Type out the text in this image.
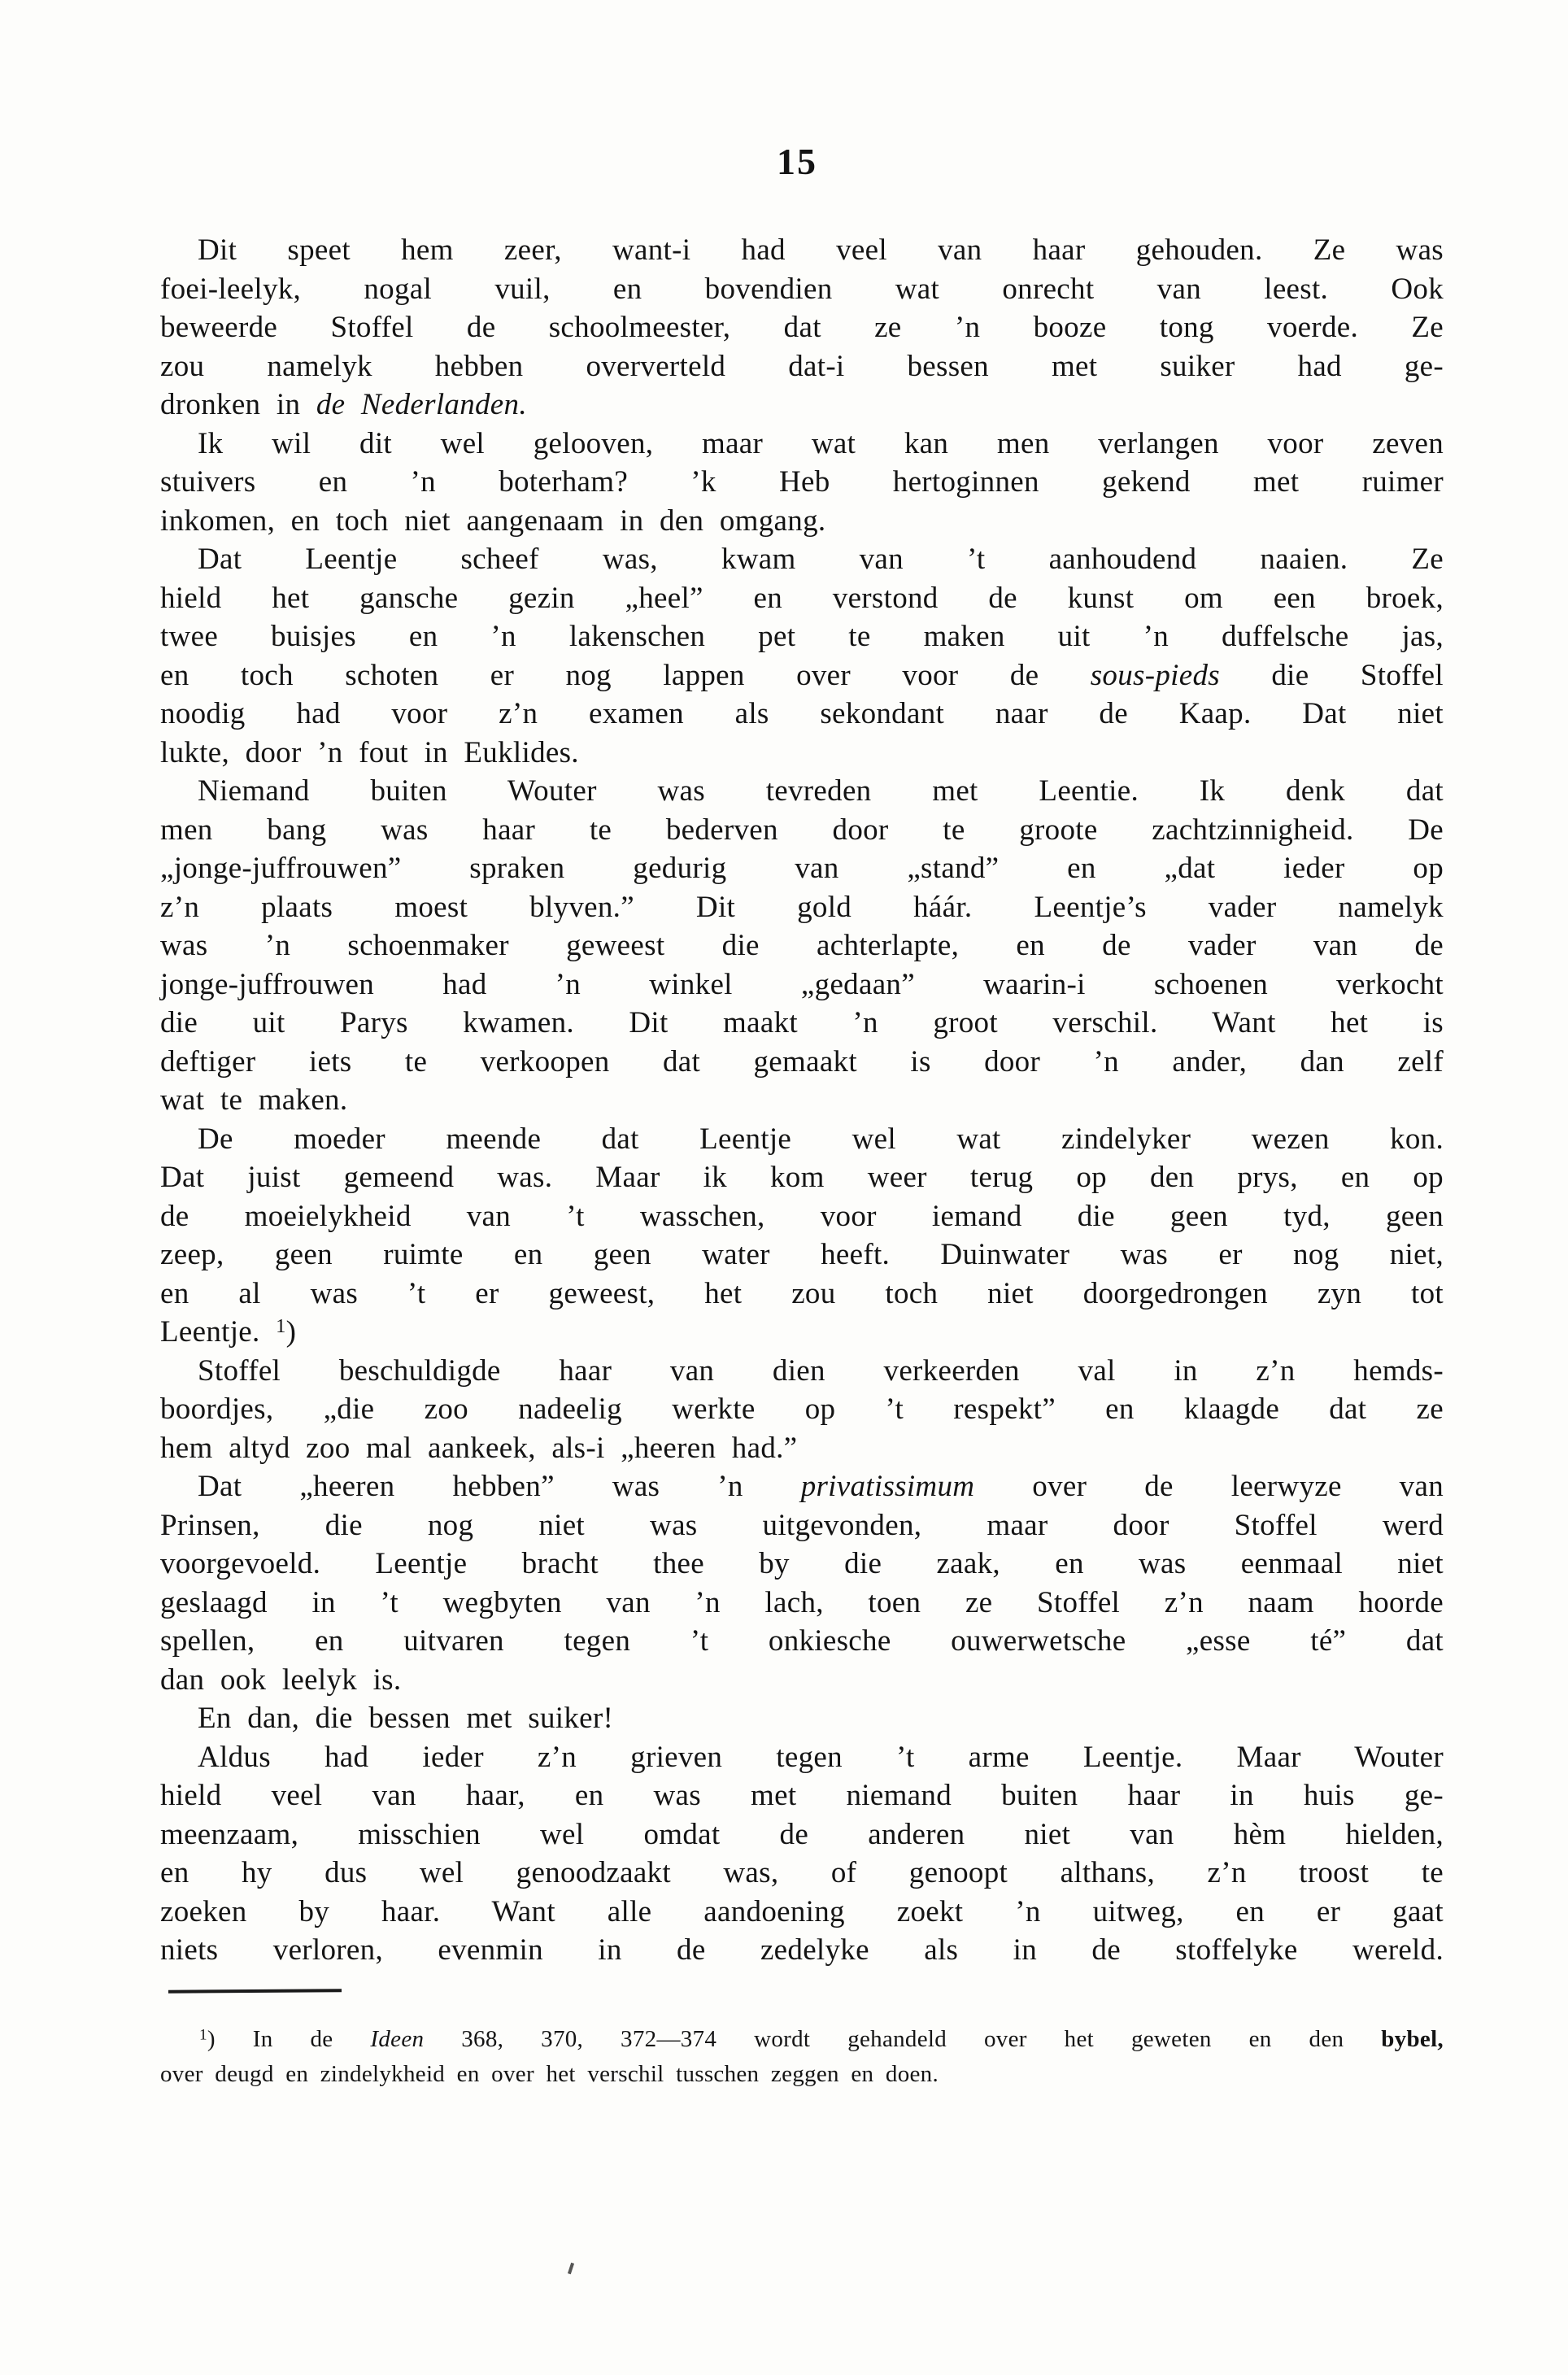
15
Dit speet hem zeer, want-i had veel van haar gehouden. Ze was
foei-leelyk, nogal vuil, en bovendien wat onrecht van leest. Ook
beweerde Stoffel de schoolmeester, dat ze ’n booze tong voerde. Ze
zou namelyk hebben oververteld dat-i bessen met suiker had ge-
dronken in de Nederlanden.
Ik wil dit wel gelooven, maar wat kan men verlangen voor zeven
stuivers en ’n boterham? ’k Heb hertoginnen gekend met ruimer
inkomen, en toch niet aangenaam in den omgang.
Dat Leentje scheef was, kwam van ’t aanhoudend naaien. Ze
hield het gansche gezin „heel” en verstond de kunst om een broek,
twee buisjes en ’n lakenschen pet te maken uit ’n duffelsche jas,
en toch schoten er nog lappen over voor de sous-pieds die Stoffel
noodig had voor z’n examen als sekondant naar de Kaap. Dat niet
lukte, door ’n fout in Euklides.
Niemand buiten Wouter was tevreden met Leentie. Ik denk dat
men bang was haar te bederven door te groote zachtzinnigheid. De
„jonge-juffrouwen” spraken gedurig van „stand” en „dat ieder op
z’n plaats moest blyven.” Dit gold háár. Leentje’s vader namelyk
was ’n schoenmaker geweest die achterlapte, en de vader van de
jonge-juffrouwen had ’n winkel „gedaan” waarin-i schoenen verkocht
die uit Parys kwamen. Dit maakt ’n groot verschil. Want het is
deftiger iets te verkoopen dat gemaakt is door ’n ander, dan zelf
wat te maken.
De moeder meende dat Leentje wel wat zindelyker wezen kon.
Dat juist gemeend was. Maar ik kom weer terug op den prys, en op
de moeielykheid van ’t wasschen, voor iemand die geen tyd, geen
zeep, geen ruimte en geen water heeft. Duinwater was er nog niet,
en al was ’t er geweest, het zou toch niet doorgedrongen zyn tot
Leentje. $^1$)
Stoffel beschuldigde haar van dien verkeerden val in z’n hemds-
boordjes, „die zoo nadeelig werkte op ’t respekt” en klaagde dat ze
hem altyd zoo mal aankeek, als-i „heeren had.”
Dat „heeren hebben” was ’n privatissimum over de leerwyze van
Prinsen, die nog niet was uitgevonden, maar door Stoffel werd
voorgevoeld. Leentje bracht thee by die zaak, en was eenmaal niet
geslaagd in ’t wegbyten van ’n lach, toen ze Stoffel z’n naam hoorde
spellen, en uitvaren tegen ’t onkiesche ouwerwetsche „esse té” dat
dan ook leelyk is.
En dan, die bessen met suiker!
Aldus had ieder z’n grieven tegen ’t arme Leentje. Maar Wouter
hield veel van haar, en was met niemand buiten haar in huis ge-
meenzaam, misschien wel omdat de anderen niet van hèm hielden,
en hy dus wel genoodzaakt was, of genoopt althans, z’n troost te
zoeken by haar. Want alle aandoening zoekt ’n uitweg, en er gaat
niets verloren, evenmin in de zedelyke als in de stoffelyke wereld.
$^1$) In de Ideen 368, 370, 372—374 wordt gehandeld over het geweten en den bybel,
over deugd en zindelykheid en over het verschil tusschen zeggen en doen.
